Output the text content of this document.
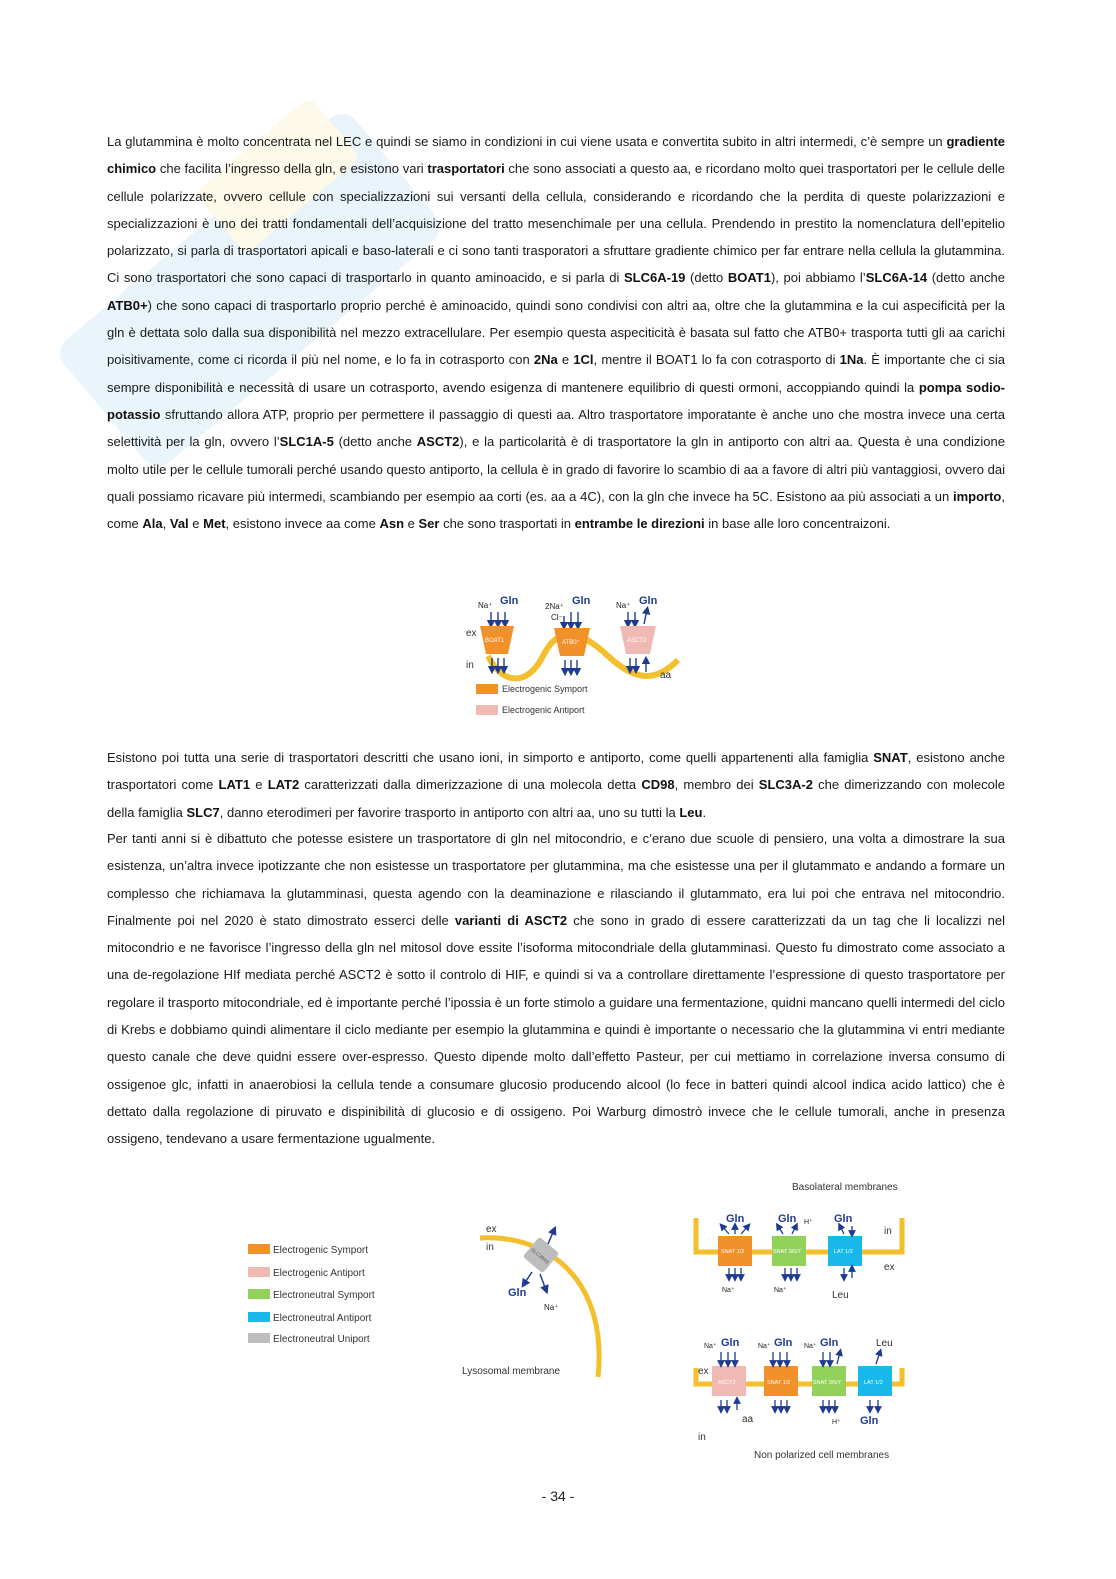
La glutammina è molto concentrata nel LEC e quindi se siamo in condizioni in cui viene usata e convertita subito in altri intermedi, c’è sempre un gradiente chimico che facilita l’ingresso della gln, e esistono vari trasportatori che sono associati a questo aa, e ricordano molto quei trasportatori per le cellule delle cellule polarizzate, ovvero cellule con specializzazioni sui versanti della cellula, considerando e ricordando che la perdita di queste polarizzazioni e specializzazioni è uno dei tratti fondamentali dell’acquisizione del tratto mesenchimale per una cellula. Prendendo in prestito la nomenclatura dell’epitelio polarizzato, si parla di trasportatori apicali e baso-laterali e ci sono tanti trasporatori a sfruttare gradiente chimico per far entrare nella cellula la glutammina. Ci sono trasportatori che sono capaci di trasportarlo in quanto aminoacido, e si parla di SLC6A-19 (detto BOAT1), poi abbiamo l’SLC6A-14 (detto anche ATB0+) che sono capaci di trasportarlo proprio perché è aminoacido, quindi sono condivisi con altri aa, oltre che la glutammina e la cui aspecificità per la gln è dettata solo dalla sua disponibilità nel mezzo extracellulare. Per esempio questa aspeciticità è basata sul fatto che ATB0+ trasporta tutti gli aa carichi poisitivamente, come ci ricorda il più nel nome, e lo fa in cotrasporto con 2Na e 1Cl, mentre il BOAT1 lo fa con cotrasporto di 1Na. È importante che ci sia sempre disponibilità e necessità di usare un cotrasporto, avendo esigenza di mantenere equilibrio di questi ormoni, accoppiando quindi la pompa sodio-potassio sfruttando allora ATP, proprio per permettere il passaggio di questi aa. Altro trasportatore imporatante è anche uno che mostra invece una certa selettività per la gln, ovvero l’SLC1A-5 (detto anche ASCT2), e la particolarità è di trasportatore la gln in antiporto con altri aa. Questa è una condizione molto utile per le cellule tumorali perché usando questo antiporto, la cellula è in grado di favorire lo scambio di aa a favore di altri più vantaggiosi, ovvero dai quali possiamo ricavare più intermedi, scambiando per esempio aa corti (es. aa a 4C), con la gln che invece ha 5C. Esistono aa più associati a un importo, come Ala, Val e Met, esistono invece aa come Asn e Ser che sono trasportati in entrambe le direzioni in base alle loro concentraizoni.

Gln
Na⁺	Gln
2Na⁺
Cl⁻
Gln
Na⁺
ex
in
BOAT1	ATB0⁺	ASCT2
aa
Electrogenic Symport
Electrogenic Antiport

Esistono poi tutta una serie di trasportatori descritti che usano ioni, in simporto e antiporto, come quelli appartenenti alla famiglia SNAT, esistono anche trasportatori come LAT1 e LAT2 caratterizzati dalla dimerizzazione di una molecola detta CD98, membro dei SLC3A-2 che dimerizzando con molecole della famiglia SLC7, danno eterodimeri per favorire trasporto in antiporto con altri aa, uno su tutti la Leu.

Per tanti anni si è dibattuto che potesse esistere un trasportatore di gln nel mitocondrio, e c’erano due scuole di pensiero, una volta a dimostrare la sua esistenza, un’altra invece ipotizzante che non esistesse un trasportatore per glutammina, ma che esistesse una per il glutammato e andando a formare un complesso che richiamava la glutamminasi, questa agendo con la deaminazione e rilasciando il glutammato, era lui poi che entrava nel mitocondrio. Finalmente poi nel 2020 è stato dimostrato esserci delle varianti di ASCT2 che sono in grado di essere caratterizzati da un tag che li localizzi nel mitocondrio e ne favorisce l’ingresso della gln nel mitosol dove essite l’isoforma mitocondriale della glutamminasi. Questo fu dimostrato come associato a una de-regolazione HIf mediata perché ASCT2 è sotto il controlo di HIF, e quindi si va a controllare direttamente l’espressione di questo trasportatore per regolare il trasporto mitocondriale, ed è importante perché l’ipossia è un forte stimolo a guidare una fermentazione, quidni mancano quelli intermedi del ciclo di Krebs e dobbiamo quindi alimentare il ciclo mediante per esempio la glutammina e quindi è importante o necessario che la glutammina vi entri mediante questo canale che deve quidni essere over-espresso. Questo dipende molto dall’effetto Pasteur, per cui mettiamo in correlazione inversa consumo di ossigenoe glc, infatti in anaerobiosi la cellula tende a consumare glucosio producendo alcool (lo fece in batteri quindi alcool indica acido lattico) che è dettato dalla regolazione di piruvato e dispinibilità di glucosio e di ossigeno. Poi Warburg dimostrò invece che le cellule tumorali, anche in presenza ossigeno, tendevano a usare fermentazione ugualmente.

Electrogenic Symport
Electrogenic Antiport
Electroneutral Symport
Electroneutral Antiport
Electroneutral Uniport
ex
in	SLC38A9
Gln
Na⁺
Lysosomal membrane
Basolateral membranes
Gln	Gln H⁺ Gln
in
SNAT 1/2	SNAT 3/5/7	LAT 1/2
Na⁺	Na⁺	Leu
ex
Na⁺ Gln	Na⁺ Gln Na⁺ Gln	Leu
ex
ASCT2	SNAT 1/2	SNAT 3/5/7	LAT 1/2
aa	H⁺ Gln
in
Non polarized cell membranes
- 34 -
